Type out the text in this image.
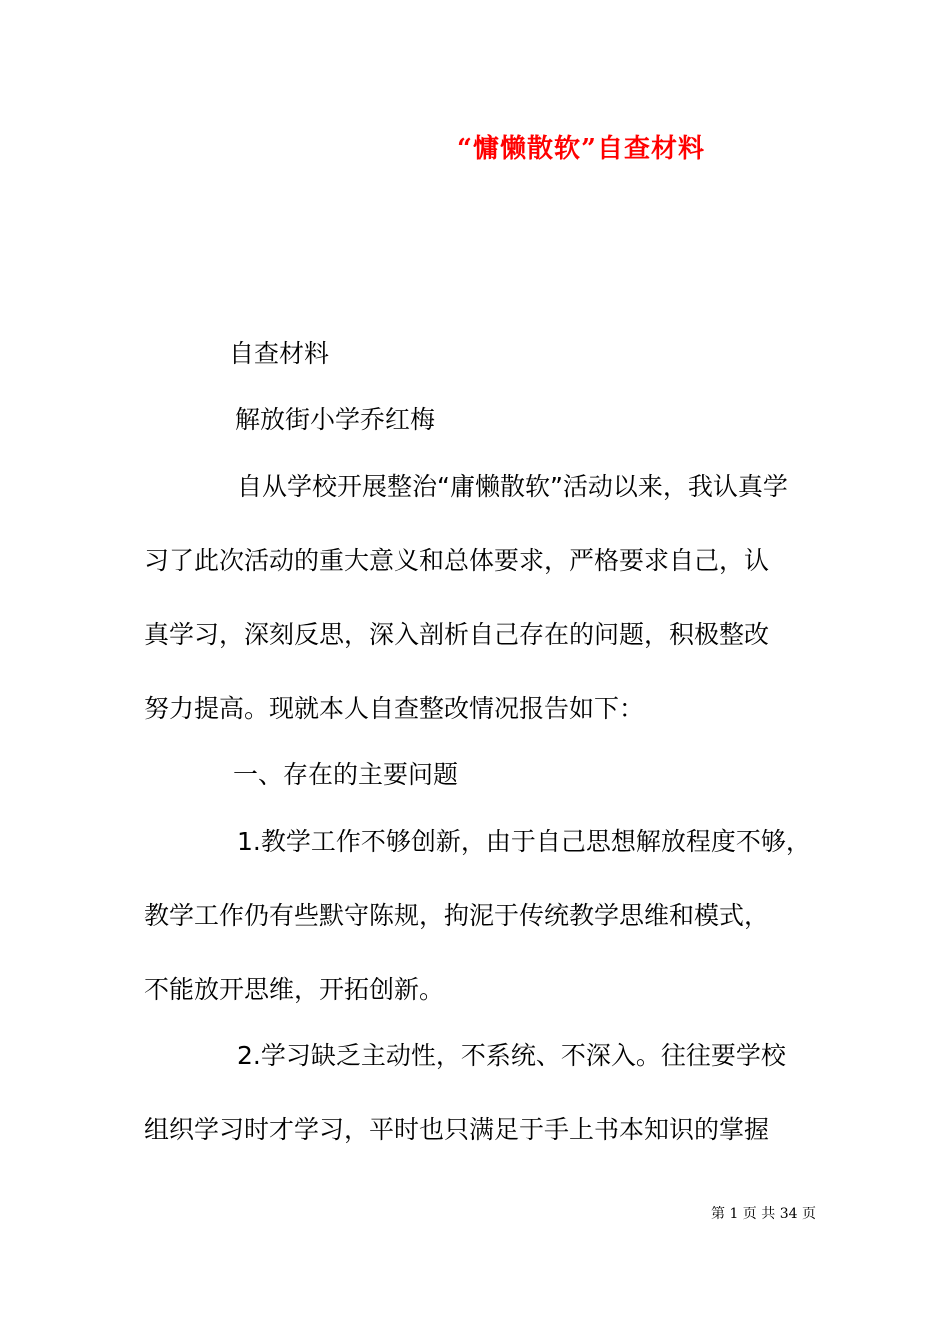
“慵懒散软”自查材料
自查材料
解放街小学乔红梅
自从学校开展整治“庸懒散软”活动以来，我认真学
习了此次活动的重大意义和总体要求，严格要求自己，认
真学习，深刻反思，深入剖析自己存在的问题，积极整改
努力提高。现就本人自查整改情况报告如下：
一、存在的主要问题
1.教学工作不够创新，由于自己思想解放程度不够，
教学工作仍有些默守陈规，拘泥于传统教学思维和模式，
不能放开思维，开拓创新。
2.学习缺乏主动性，不系统、不深入。往往要学校
组织学习时才学习，平时也只满足于手上书本知识的掌握
第 1 页 共 34 页
